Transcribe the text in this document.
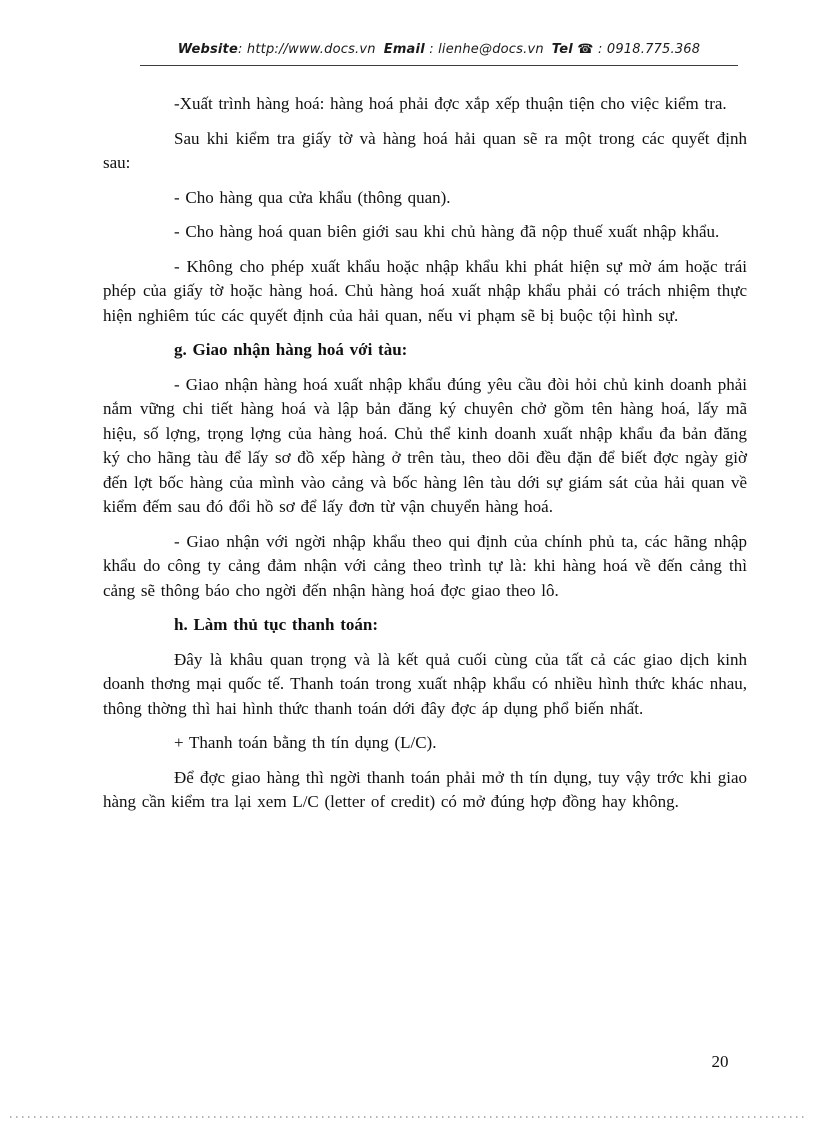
Website: http://www.docs.vn Email : lienhe@docs.vn Tel ☎ : 0918.775.368

-Xuất trình hàng hoá: hàng hoá phải đợc xắp xếp thuận tiện cho việc kiểm tra.

Sau khi kiểm tra giấy tờ và hàng hoá hải quan sẽ ra một trong các quyết định sau:

- Cho hàng qua cửa khẩu (thông quan).

- Cho hàng hoá quan biên giới sau khi chủ hàng đã nộp thuế xuất nhập khẩu.

- Không cho phép xuất khẩu hoặc nhập khẩu khi phát hiện sự mờ ám hoặc trái phép của giấy tờ hoặc hàng hoá. Chủ hàng hoá xuất nhập khẩu phải có trách nhiệm thực hiện nghiêm túc các quyết định của hải quan, nếu vi phạm sẽ bị buộc tội hình sự.

g. Giao nhận hàng hoá với tàu:

- Giao nhận hàng hoá xuất nhập khẩu đúng yêu cầu đòi hỏi chủ kinh doanh phải nắm vững chi tiết hàng hoá và lập bản đăng ký chuyên chở gồm tên hàng hoá, lấy mã hiệu, số lợng, trọng lợng của hàng hoá. Chủ thể kinh doanh xuất nhập khẩu đa bản đăng ký cho hãng tàu để lấy sơ đồ xếp hàng ở trên tàu, theo dõi đều đặn để biết đợc ngày giờ đến lợt bốc hàng của mình vào cảng và bốc hàng lên tàu dới sự giám sát của hải quan về kiểm đếm sau đó đổi hồ sơ để lấy đơn từ vận chuyển hàng hoá.

- Giao nhận với ngời nhập khẩu theo qui định của chính phủ ta, các hãng nhập khẩu do công ty cảng đảm nhận với cảng theo trình tự là: khi hàng hoá về đến cảng thì cảng sẽ thông báo cho ngời đến nhận hàng hoá đợc giao theo lô.

h. Làm thủ tục thanh toán:

Đây là khâu quan trọng và là kết quả cuối cùng của tất cả các giao dịch kinh doanh thơng mại quốc tế. Thanh toán trong xuất nhập khẩu có nhiều hình thức khác nhau, thông thờng thì hai hình thức thanh toán dới đây đợc áp dụng phổ biến nhất.

+ Thanh toán bằng th tín dụng (L/C).

Để đợc giao hàng thì ngời thanh toán phải mở th tín dụng, tuy vậy trớc khi giao hàng cần kiểm tra lại xem L/C (letter of credit) có mở đúng hợp đồng hay không.

20
